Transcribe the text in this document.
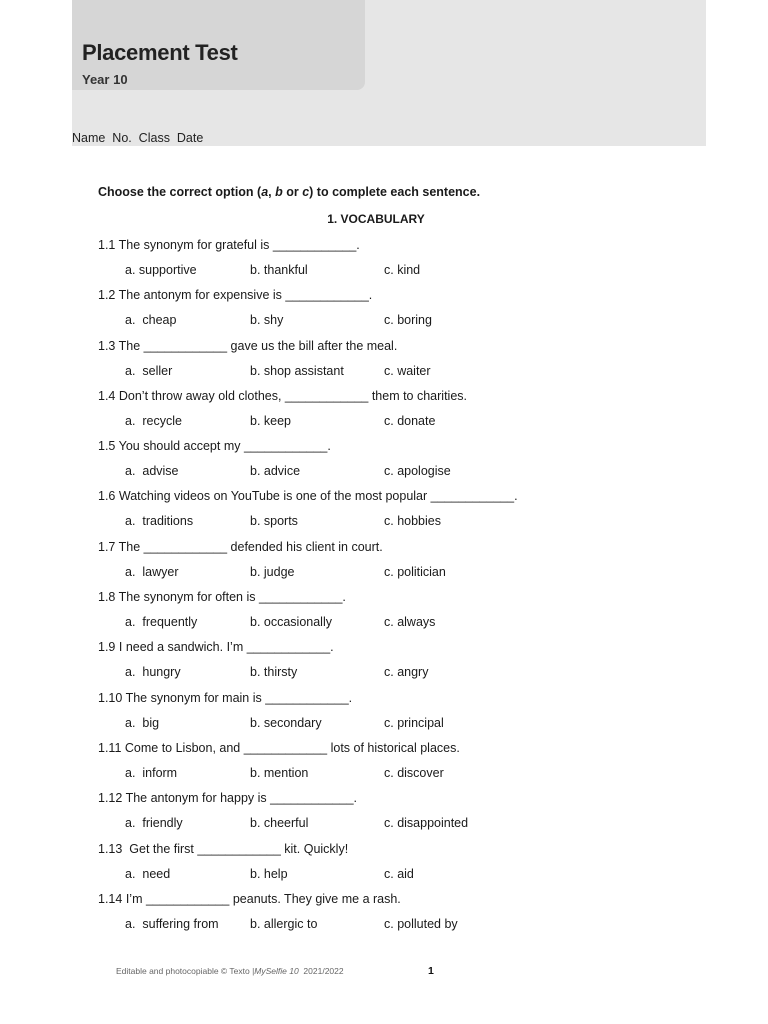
Placement Test
Year 10
Name  No.  Class  Date
Choose the correct option (a, b or c) to complete each sentence.
1. VOCABULARY
1.1 The synonym for grateful is ____________.
a. supportive	b. thankful	c. kind
1.2 The antonym for expensive is ____________.
a.  cheap	b. shy	c. boring
1.3 The ____________ gave us the bill after the meal.
a.  seller	b. shop assistant	c. waiter
1.4 Don’t throw away old clothes, ____________ them to charities.
a.  recycle	b. keep	c. donate
1.5 You should accept my ____________.
a.  advise	b. advice	c. apologise
1.6 Watching videos on YouTube is one of the most popular ____________.
a.  traditions	b. sports	c. hobbies
1.7 The ____________ defended his client in court.
a.  lawyer	b. judge	c. politician
1.8 The synonym for often is ____________.
a.  frequently	b. occasionally	c. always
1.9 I need a sandwich. I’m ____________.
a.  hungry	b. thirsty	c. angry
1.10 The synonym for main is ____________.
a.  big	b. secondary	c. principal
1.11 Come to Lisbon, and ____________ lots of historical places.
a.  inform	b. mention	c. discover
1.12 The antonym for happy is ____________.
a.  friendly	b. cheerful	c. disappointed
1.13  Get the first ____________ kit. Quickly!
a.  need	b. help	c. aid
1.14 I’m ____________ peanuts. They give me a rash.
a.  suffering from	b. allergic to	c. polluted by
Editable and photocopiable © Texto |MySelfie 10  2021/2022	1
